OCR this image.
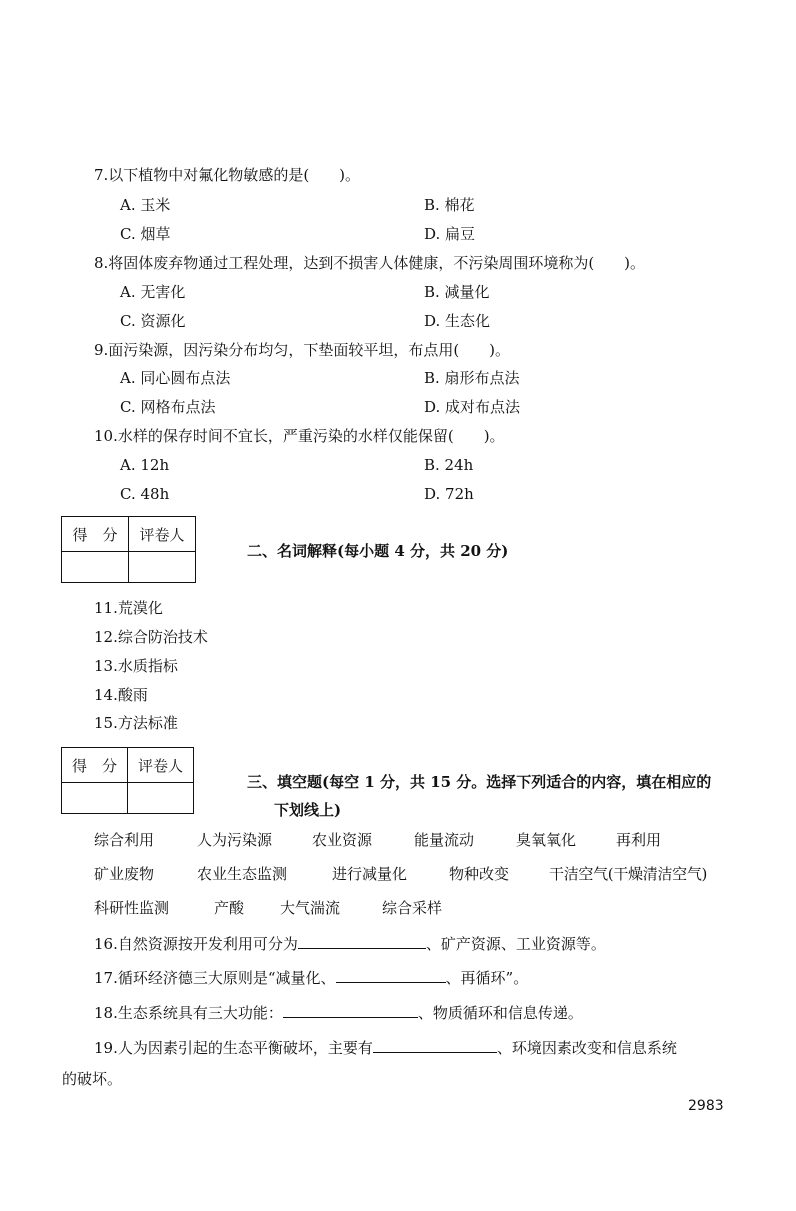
7.以下植物中对氟化物敏感的是(　　)。
A. 玉米	B. 棉花
C. 烟草	D. 扁豆
8.将固体废弃物通过工程处理，达到不损害人体健康，不污染周围环境称为(　　)。
A. 无害化	B. 减量化
C. 资源化	D. 生态化
9.面污染源，因污染分布均匀，下垫面较平坦，布点用(　　)。
A. 同心圆布点法	B. 扇形布点法
C. 网格布点法	D. 成对布点法
10.水样的保存时间不宜长，严重污染的水样仅能保留(　　)。
A. 12h	B. 24h
C. 48h	D. 72h
得　分	评卷人

二、名词解释(每小题 4 分，共 20 分)
11.荒漠化
12.综合防治技术
13.水质指标
14.酸雨
15.方法标准
得　分	评卷人

三、填空题(每空 1 分，共 15 分。选择下列适合的内容，填在相应的
下划线上)
综合利用	人为污染源	农业资源	能量流动	臭氧氧化	再利用
矿业废物	农业生态监测	进行减量化	物种改变	干洁空气(干燥清洁空气)
科研性监测	产酸 大气湍流	综合采样
16.自然资源按开发利用可分为	、矿产资源、工业资源等。
17.循环经济德三大原则是“减量化、	、再循环”。
18.生态系统具有三大功能：	、物质循环和信息传递。
19.人为因素引起的生态平衡破坏，主要有	、环境因素改变和信息系统
的破坏。
2983
